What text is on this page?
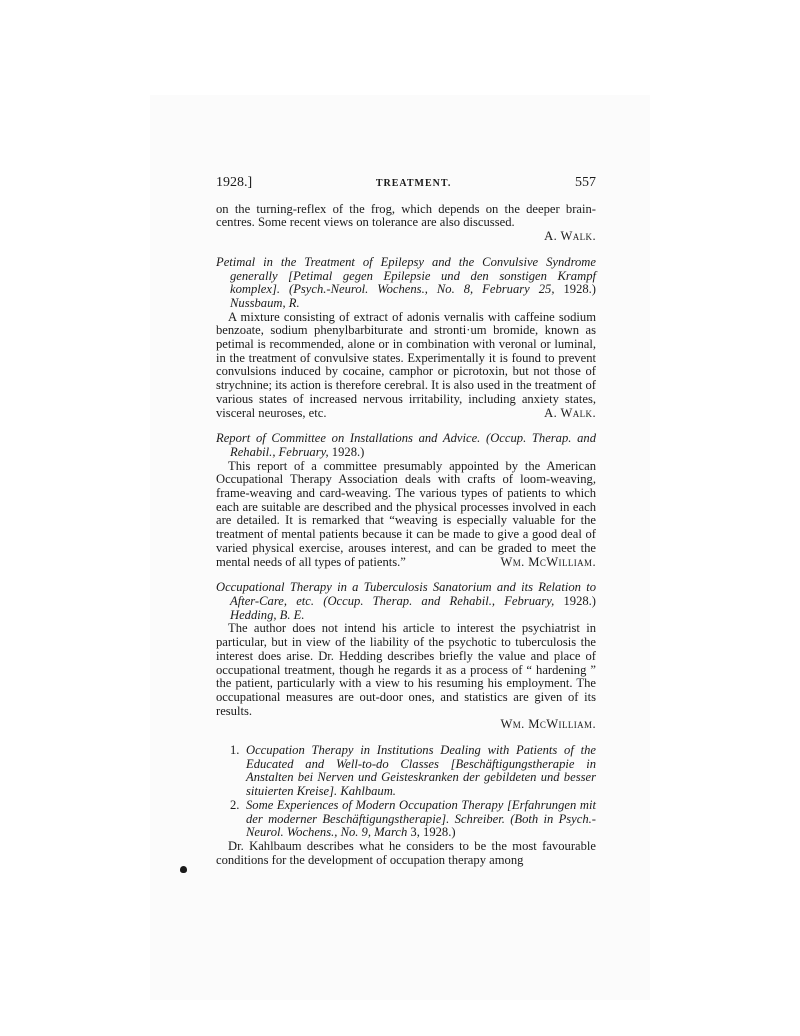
1928.]	TREATMENT.	557

on the turning-reflex of the frog, which depends on the deeper brain-centres. Some recent views on tolerance are also discussed.

A. Walk.

Petimal in the Treatment of Epilepsy and the Convulsive Syndrome generally [Petimal gegen Epilepsie und den sonstigen Krampf komplex]. (Psych.-Neurol. Wochens., No. 8, February 25, 1928.) Nussbaum, R.

A mixture consisting of extract of adonis vernalis with caffeine sodium benzoate, sodium phenylbarbiturate and stronti·um bromide, known as petimal is recommended, alone or in combination with veronal or luminal, in the treatment of convulsive states. Experimentally it is found to prevent convulsions induced by cocaine, camphor or picrotoxin, but not those of strychnine; its action is therefore cerebral. It is also used in the treatment of various states of increased nervous irritability, including anxiety states, visceral neuroses, etc.	A. Walk.

Report of Committee on Installations and Advice. (Occup. Therap. and Rehabil., February, 1928.)

This report of a committee presumably appointed by the American Occupational Therapy Association deals with crafts of loom-weaving, frame-weaving and card-weaving. The various types of patients to which each are suitable are described and the physical processes involved in each are detailed. It is remarked that “weaving is especially valuable for the treatment of mental patients because it can be made to give a good deal of varied physical exercise, arouses interest, and can be graded to meet the mental needs of all types of patients.”	Wm. McWilliam.

Occupational Therapy in a Tuberculosis Sanatorium and its Relation to After-Care, etc. (Occup. Therap. and Rehabil., February, 1928.) Hedding, B. E.

The author does not intend his article to interest the psychiatrist in particular, but in view of the liability of the psychotic to tuberculosis the interest does arise. Dr. Hedding describes briefly the value and place of occupational treatment, though he regards it as a process of “ hardening ” the patient, particularly with a view to his resuming his employment. The occupational measures are out-door ones, and statistics are given of its results.

Wm. McWilliam.

1. Occupation Therapy in Institutions Dealing with Patients of the Educated and Well-to-do Classes [Beschäftigungstherapie in Anstalten bei Nerven und Geisteskranken der gebildeten und besser situierten Kreise]. Kahlbaum.
2. Some Experiences of Modern Occupation Therapy [Erfahrungen mit der moderner Beschäftigungstherapie]. Schreiber. (Both in Psych.-Neurol. Wochens., No. 9, March 3, 1928.)

Dr. Kahlbaum describes what he considers to be the most favourable conditions for the development of occupation therapy among
